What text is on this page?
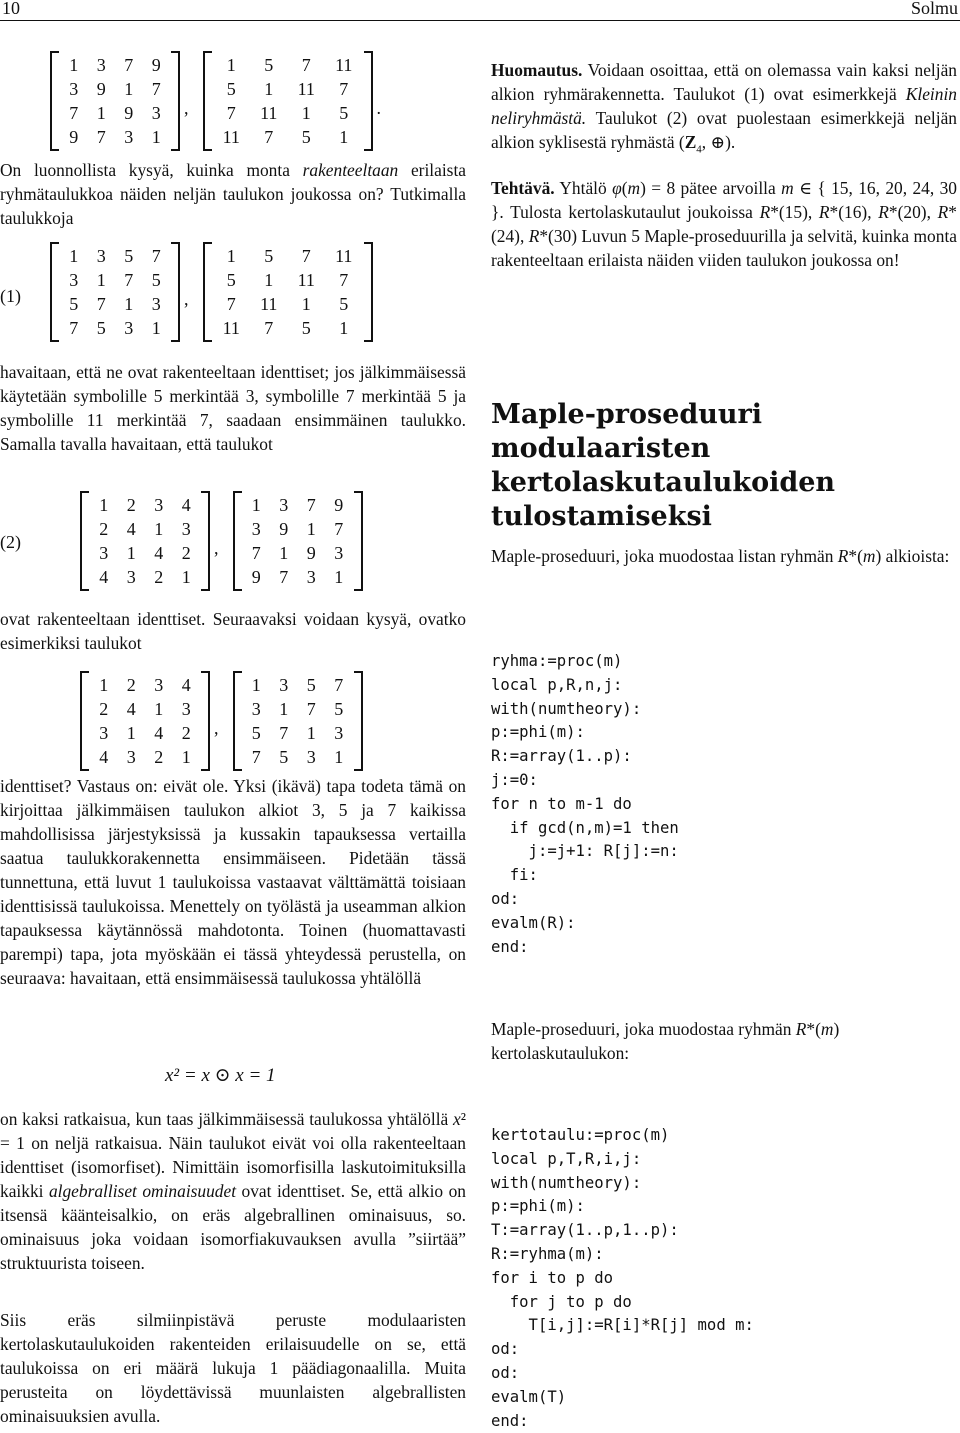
10	Solmu
1	3	7	9
3	9	1	7
7	1	9	3
9	7	3	1
,
1	5	7	11
5	1	11	7
7	11	1	5
11	7	5	1
.

On luonnollista kysyä, kuinka monta rakenteeltaan erilaista ryhmätaulukkoa näiden neljän taulukon joukossa on? Tutkimalla taulukkoja

(1)
1	3	5	7
3	1	7	5
5	7	1	3
7	5	3	1
,
1	5	7	11
5	1	11	7
7	11	1	5
11	7	5	1

havaitaan, että ne ovat rakenteeltaan identtiset; jos jälkimmäisessä käytetään symbolille 5 merkintää 3, symbolille 7 merkintää 5 ja symbolille 11 merkintää 7, saadaan ensimmäinen taulukko. Samalla tavalla havaitaan, että taulukot

(2)
1	2	3	4
2	4	1	3
3	1	4	2
4	3	2	1
,
1	3	7	9
3	9	1	7
7	1	9	3
9	7	3	1

ovat rakenteeltaan identtiset. Seuraavaksi voidaan kysyä, ovatko esimerkiksi taulukot

1	2	3	4
2	4	1	3
3	1	4	2
4	3	2	1
,
1	3	5	7
3	1	7	5
5	7	1	3
7	5	3	1

identtiset? Vastaus on: eivät ole. Yksi (ikävä) tapa todeta tämä on kirjoittaa jälkimmäisen taulukon alkiot 3, 5 ja 7 kaikissa mahdollisissa järjestyksissä ja kussakin tapauksessa vertailla saatua taulukkorakennetta ensimmäiseen. Pidetään tässä tunnettuna, että luvut 1 taulukoissa vastaavat välttämättä toisiaan identtisissä taulukoissa. Menettely on työlästä ja useamman alkion tapauksessa käytännössä mahdotonta. Toinen (huomattavasti parempi) tapa, jota myöskään ei tässä yhteydessä perustella, on seuraava: havaitaan, että ensimmäisessä taulukossa yhtälöllä

x² = x ⊙ x = 1

on kaksi ratkaisua, kun taas jälkimmäisessä taulukossa yhtälöllä x² = 1 on neljä ratkaisua. Näin taulukot eivät voi olla rakenteeltaan identtiset (isomorfiset). Nimittäin isomorfisilla laskutoimituksilla kaikki algebralliset ominaisuudet ovat identtiset. Se, että alkio on itsensä käänteisalkio, on eräs algebrallinen ominaisuus, so. ominaisuus joka voidaan isomorfiakuvauksen avulla ”siirtää” struktuurista toiseen.

Siis eräs silmiinpistävä peruste modulaaristen kertolaskutaulukoiden rakenteiden erilaisuudelle on se, että taulukoissa on eri määrä lukuja 1 päädiagonaalilla. Muita perusteita on löydettävissä muunlaisten algebrallisten ominaisuuksien avulla.

Huomautus. Voidaan osoittaa, että on olemassa vain kaksi neljän alkion ryhmärakennetta. Taulukot (1) ovat esimerkkejä Kleinin neliryhmästä. Taulukot (2) ovat puolestaan esimerkkejä neljän alkion syklisestä ryhmästä ($Z_4$, ⊕).

Tehtävä. Yhtälö φ(m) = 8 pätee arvoilla m ∈ { 15, 16, 20, 24, 30 }. Tulosta kertolaskutaulut joukoissa R*(15), R*(16), R*(20), R*(24), R*(30) Luvun 5 Maple-proseduurilla ja selvitä, kuinka monta rakenteeltaan erilaista näiden viiden taulukon joukossa on!

Maple-proseduuri modulaaristen kertolaskutaulukoiden tulostamiseksi

Maple-proseduuri, joka muodostaa listan ryhmän R*(m) alkioista:

ryhma:=proc(m)
local p,R,n,j:
with(numtheory):
p:=phi(m):
R:=array(1..p):
j:=0:
for n to m-1 do
if gcd(n,m)=1 then
j:=j+1: R[j]:=n:
fi:
od:
evalm(R):
end:

Maple-proseduuri, joka muodostaa ryhmän R*(m) kertolaskutaulukon:

kertotaulu:=proc(m)
local p,T,R,i,j:
with(numtheory):
p:=phi(m):
T:=array(1..p,1..p):
R:=ryhma(m):
for i to p do
for j to p do
T[i,j]:=R[i]*R[j] mod m:
od:
od:
evalm(T)
end:
